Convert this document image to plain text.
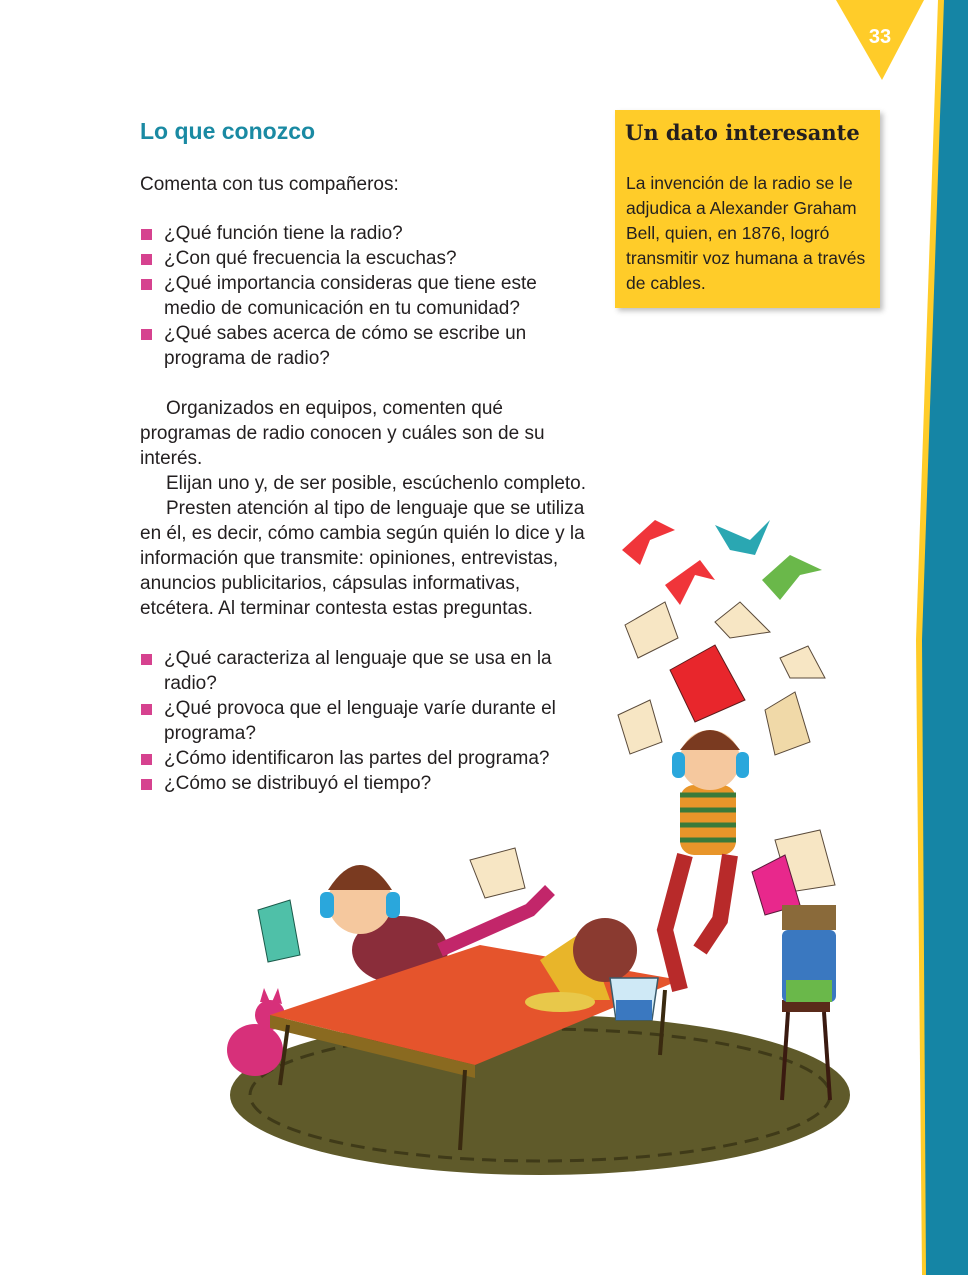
33
Lo que conozco

Comenta con tus compañeros:

¿Qué función tiene la radio?
¿Con qué frecuencia la escuchas?
¿Qué importancia consideras que tiene este medio de comunicación en tu comunidad?
¿Qué sabes acerca de cómo se escribe un programa de radio?

Organizados en equipos, comenten qué programas de radio conocen y cuáles son de su interés.

Elijan uno y, de ser posible, escúchenlo completo.

Presten atención al tipo de lenguaje que se utiliza en él, es decir, cómo cambia según quién lo dice y la información que transmite: opiniones, entrevistas, anuncios publicitarios, cápsulas informativas, etcétera. Al terminar contesta estas preguntas.

¿Qué caracteriza al lenguaje que se usa en la radio?
¿Qué provoca que el lenguaje varíe durante el programa?
¿Cómo identificaron las partes del programa?
¿Cómo se distribuyó el tiempo?
Un dato interesante

La invención de la radio se le adjudica a Alexander Graham Bell, quien, en 1876, logró transmitir voz humana a través de cables.
